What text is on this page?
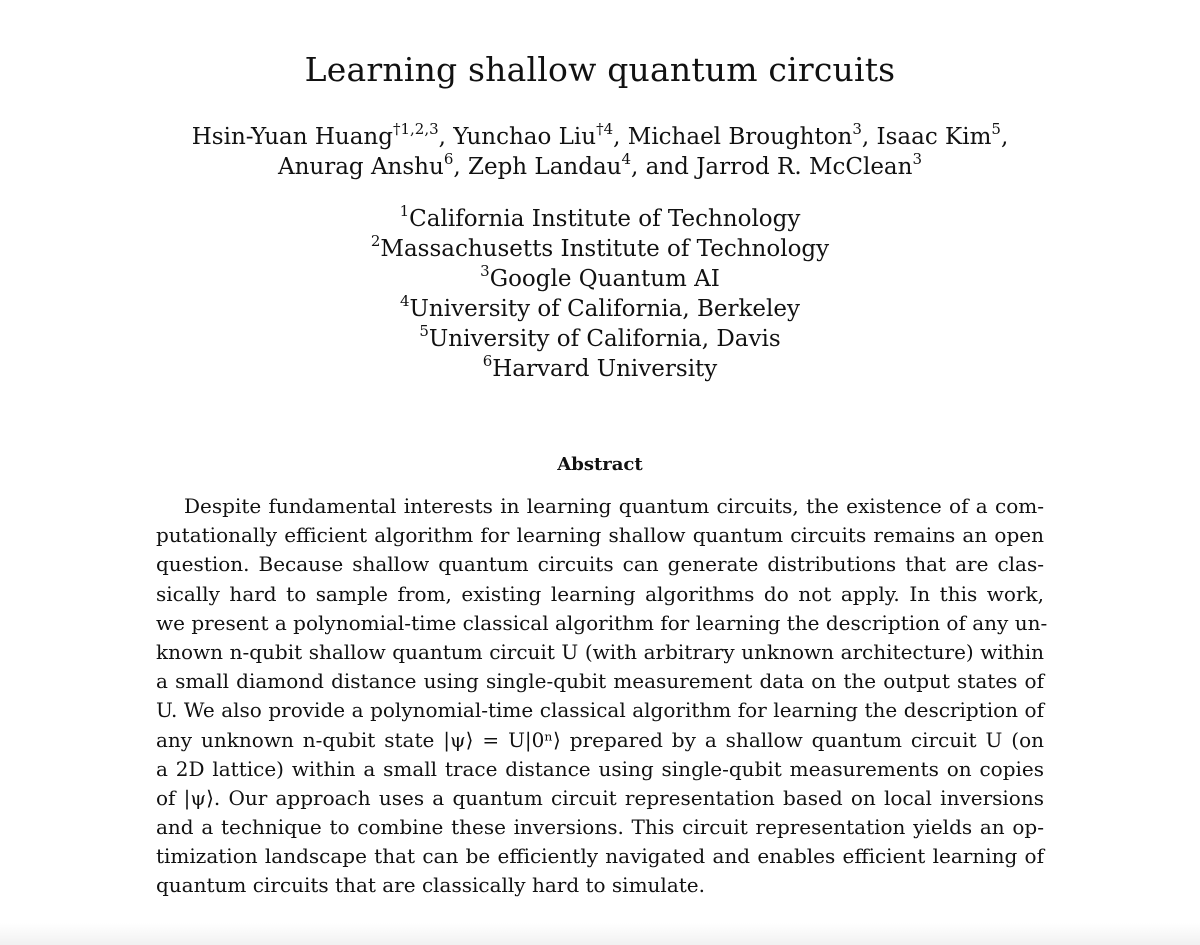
Learning shallow quantum circuits
Hsin-Yuan Huang$^{\dagger 1,2,3}$, Yunchao Liu$^{\dagger 4}$, Michael Broughton$^3$, Isaac Kim$^5$,
Anurag Anshu$^6$, Zeph Landau$^4$, and Jarrod R. McClean$^3$
$^1$California Institute of Technology
$^2$Massachusetts Institute of Technology
$^3$Google Quantum AI
$^4$University of California, Berkeley
$^5$University of California, Davis
$^6$Harvard University
Abstract
Despite fundamental interests in learning quantum circuits, the existence of a com-
putationally efficient algorithm for learning shallow quantum circuits remains an open
question. Because shallow quantum circuits can generate distributions that are clas-
sically hard to sample from, existing learning algorithms do not apply. In this work,
we present a polynomial-time classical algorithm for learning the description of any un-
known n-qubit shallow quantum circuit U (with arbitrary unknown architecture) within
a small diamond distance using single-qubit measurement data on the output states of
U. We also provide a polynomial-time classical algorithm for learning the description of
any unknown n-qubit state |ψ⟩ = U|0ⁿ⟩ prepared by a shallow quantum circuit U (on
a 2D lattice) within a small trace distance using single-qubit measurements on copies
of |ψ⟩. Our approach uses a quantum circuit representation based on local inversions
and a technique to combine these inversions. This circuit representation yields an op-
timization landscape that can be efficiently navigated and enables efficient learning of
quantum circuits that are classically hard to simulate.
